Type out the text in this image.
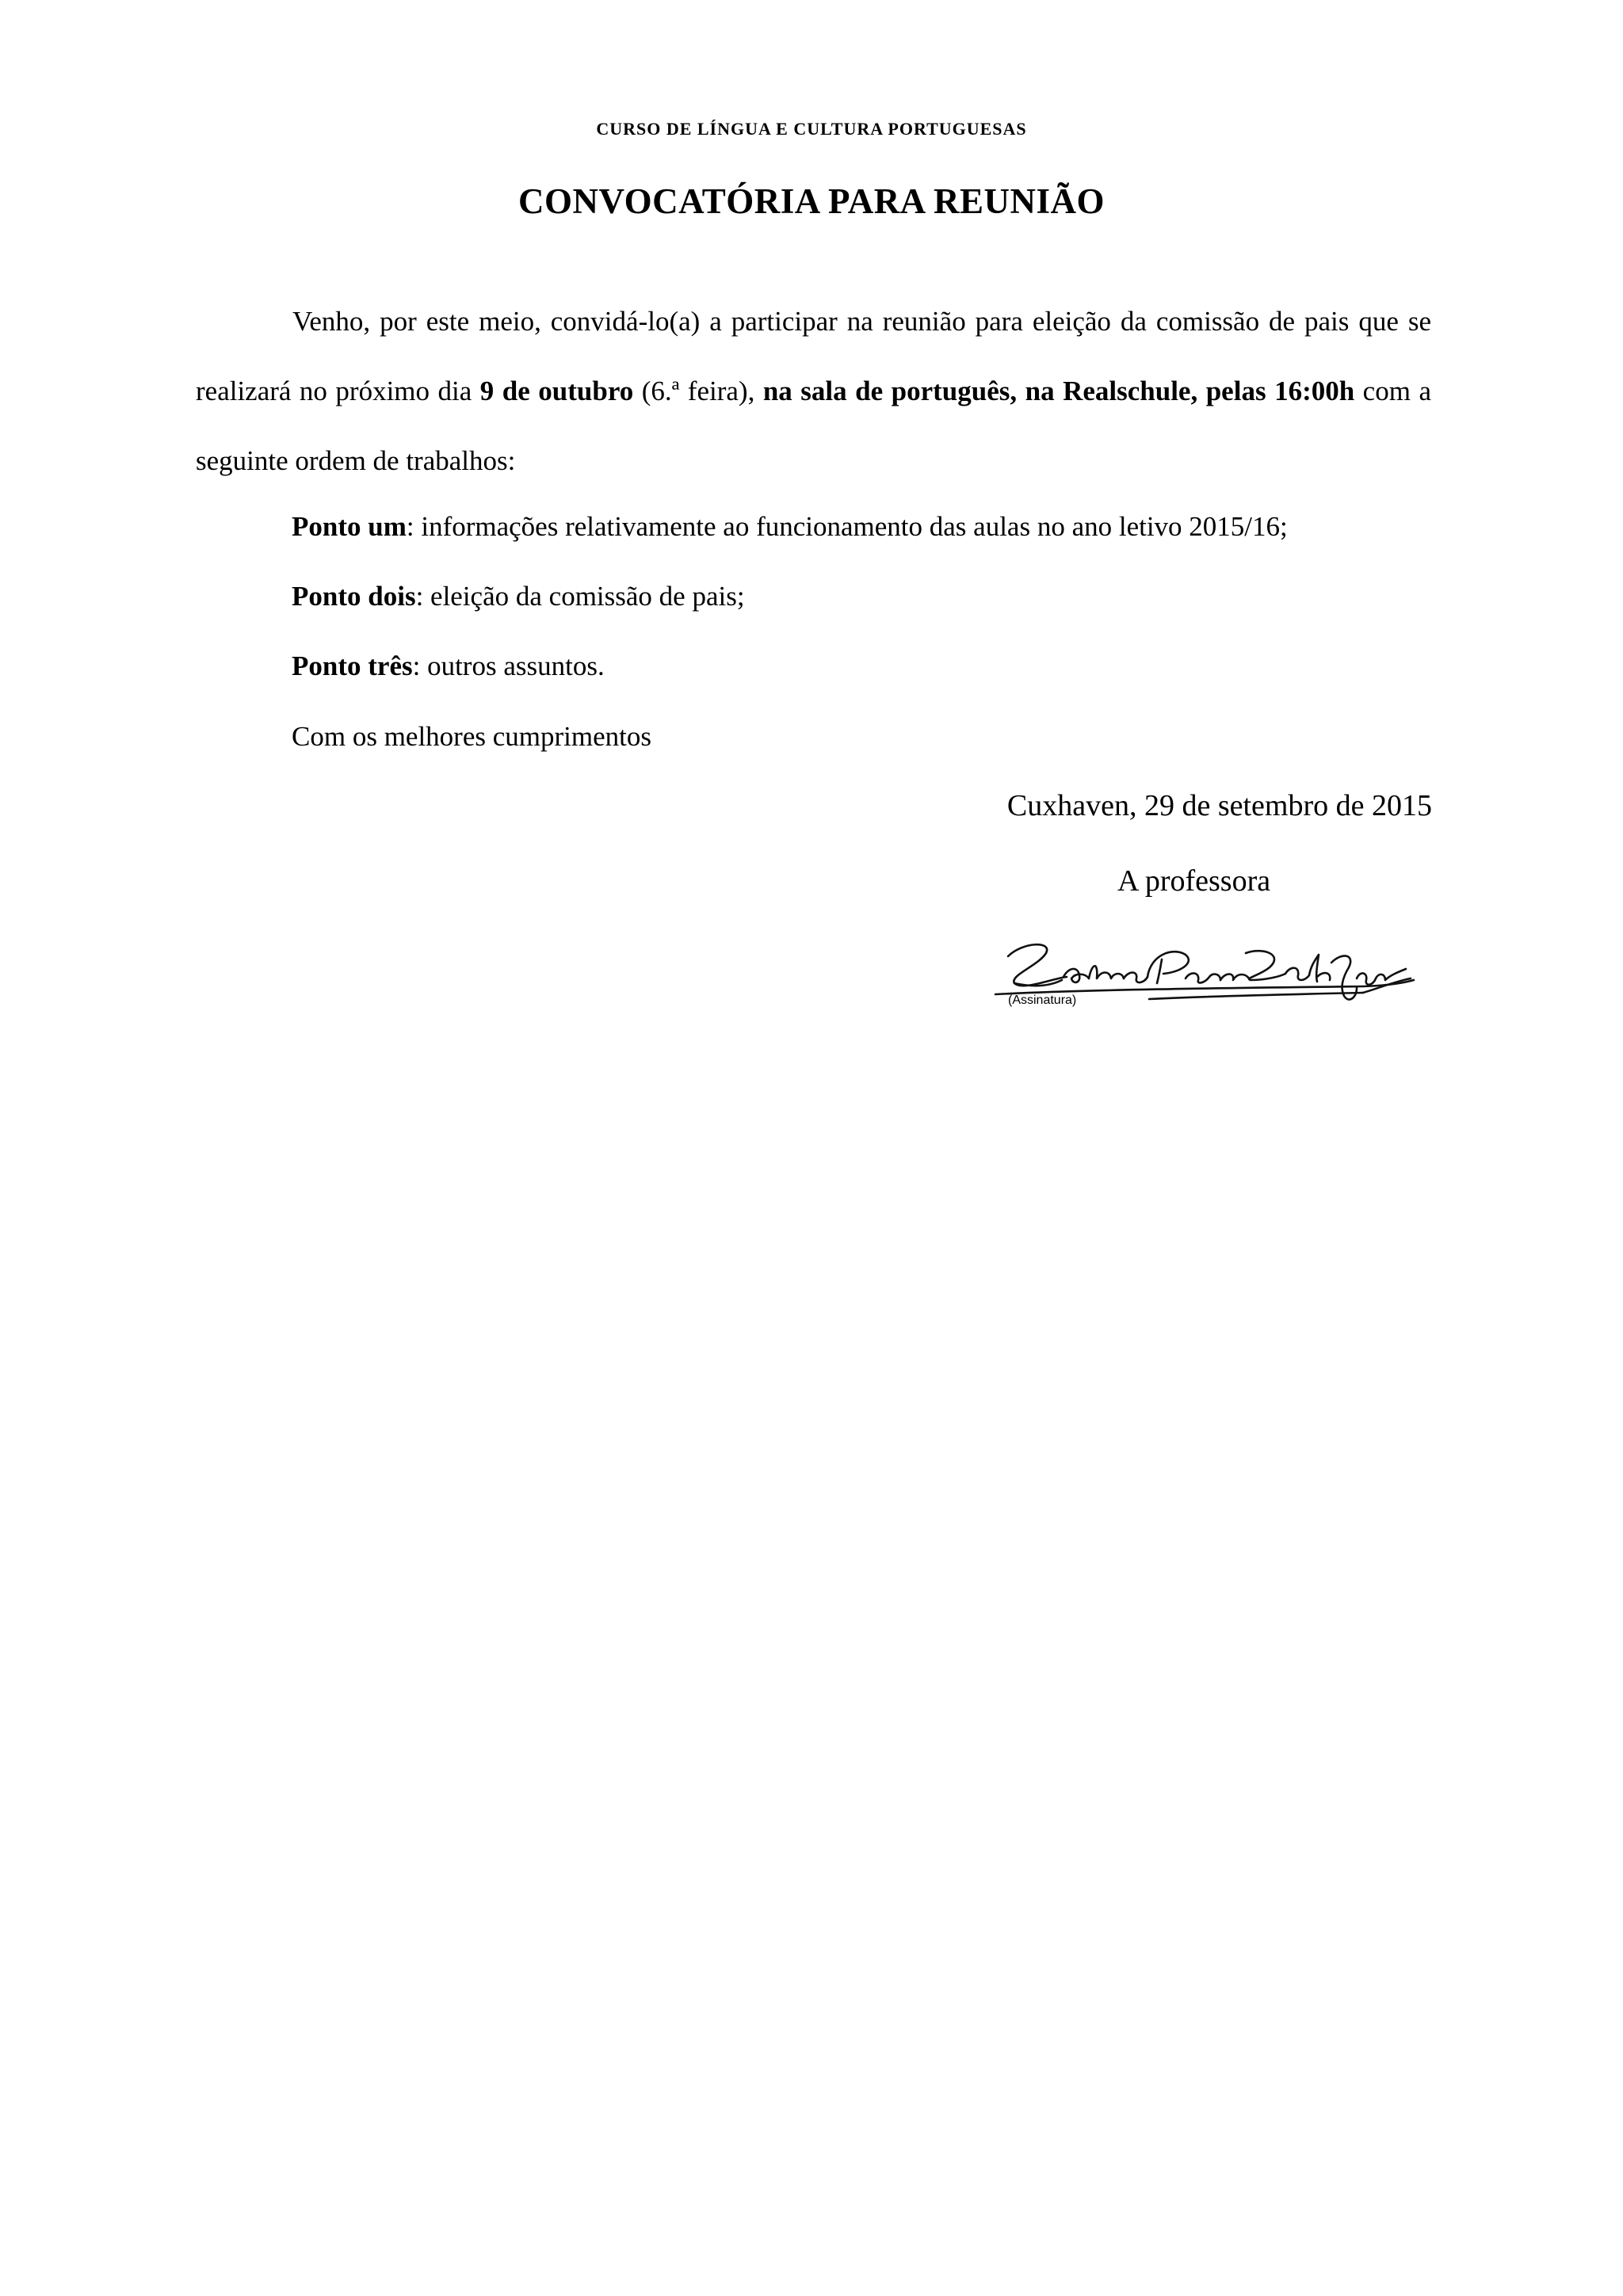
CURSO DE LÍNGUA E CULTURA PORTUGUESAS
CONVOCATÓRIA PARA REUNIÃO

Venho, por este meio, convidá-lo(a) a participar na reunião para eleição da comissão de pais que se realizará no próximo dia 9 de outubro (6.ª feira), na sala de português, na Realschule, pelas 16:00h com a seguinte ordem de trabalhos:

Ponto um: informações relativamente ao funcionamento das aulas no ano letivo 2015/16;
Ponto dois: eleição da comissão de pais;
Ponto três: outros assuntos.
Com os melhores cumprimentos
Cuxhaven, 29 de setembro de 2015
A professora
(Assinatura)
